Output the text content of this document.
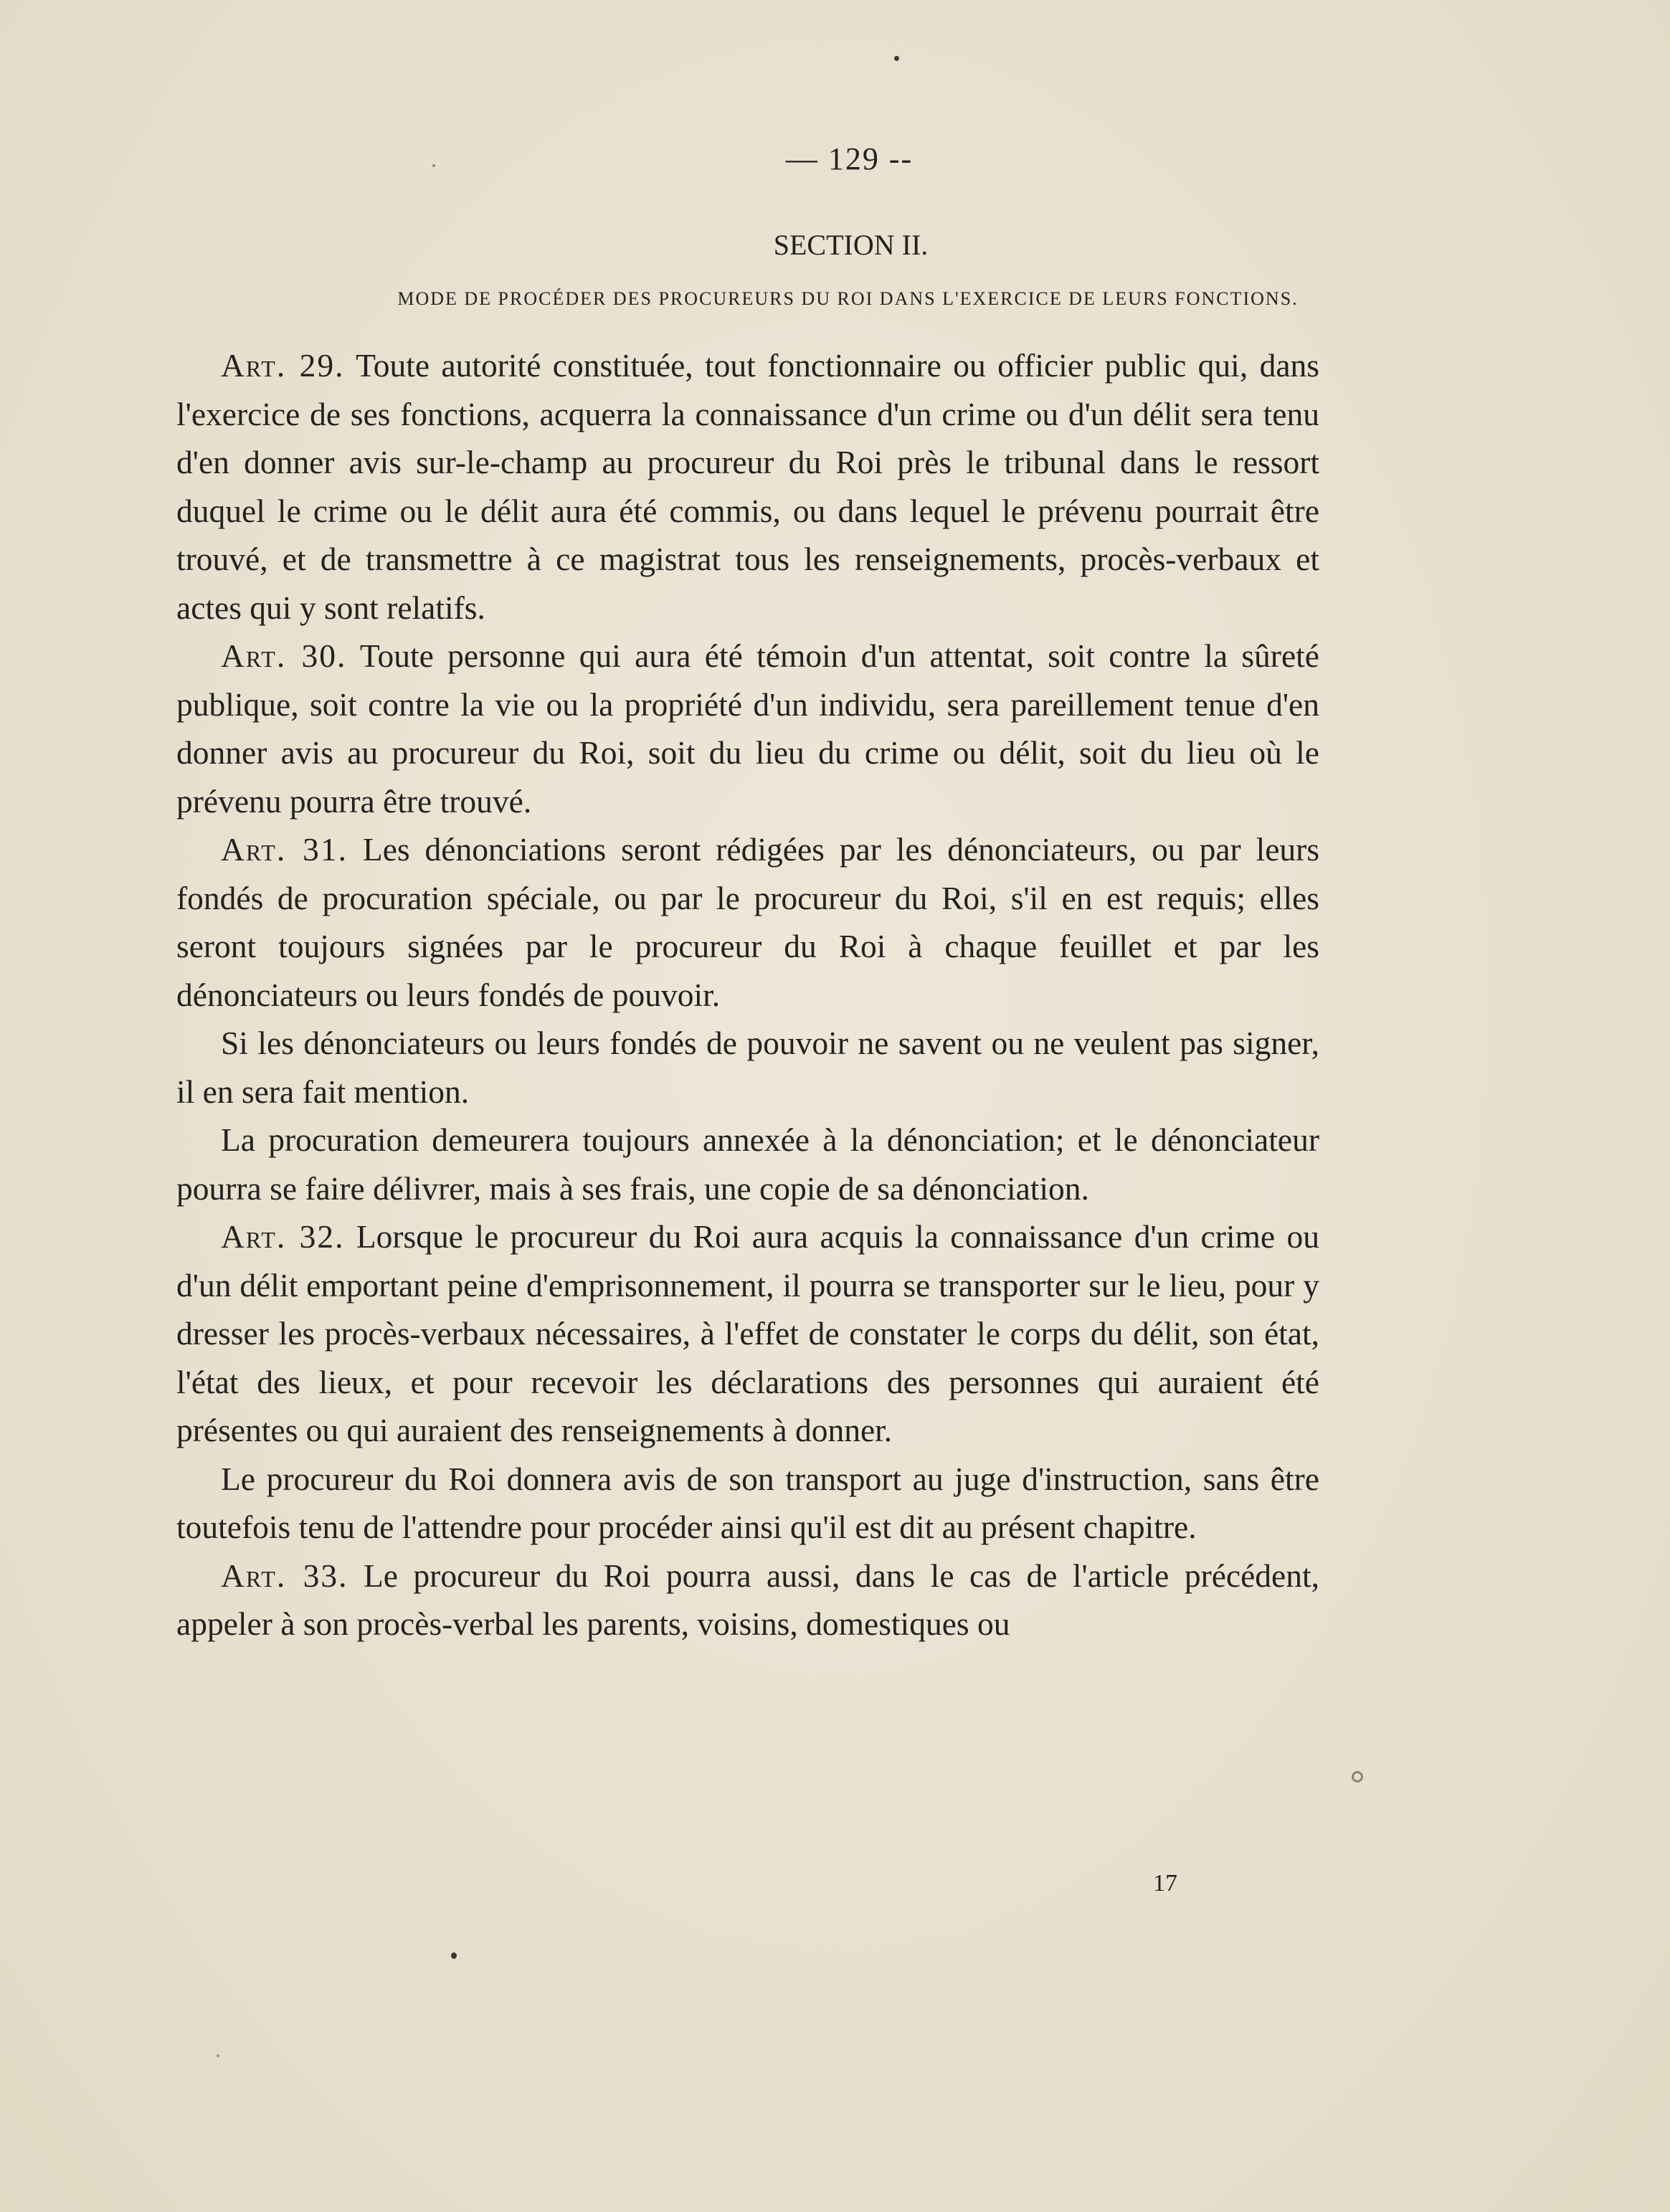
— 129 --
SECTION II.
MODE DE PROCÉDER DES PROCUREURS DU ROI DANS L'EXERCICE DE LEURS FONCTIONS.

Art. 29. Toute autorité constituée, tout fonctionnaire ou officier public qui, dans l'exercice de ses fonctions, acquerra la connaissance d'un crime ou d'un délit sera tenu d'en donner avis sur-le-champ au procureur du Roi près le tribunal dans le ressort duquel le crime ou le délit aura été commis, ou dans lequel le prévenu pourrait être trouvé, et de transmettre à ce magistrat tous les renseignements, procès-verbaux et actes qui y sont relatifs.

Art. 30. Toute personne qui aura été témoin d'un attentat, soit contre la sûreté publique, soit contre la vie ou la propriété d'un individu, sera pareillement tenue d'en donner avis au procureur du Roi, soit du lieu du crime ou délit, soit du lieu où le prévenu pourra être trouvé.

Art. 31. Les dénonciations seront rédigées par les dénonciateurs, ou par leurs fondés de procuration spéciale, ou par le procureur du Roi, s'il en est requis; elles seront toujours signées par le procureur du Roi à chaque feuillet et par les dénonciateurs ou leurs fondés de pouvoir.

Si les dénonciateurs ou leurs fondés de pouvoir ne savent ou ne veulent pas signer, il en sera fait mention.

La procuration demeurera toujours annexée à la dénonciation; et le dénonciateur pourra se faire délivrer, mais à ses frais, une copie de sa dénonciation.

Art. 32. Lorsque le procureur du Roi aura acquis la connaissance d'un crime ou d'un délit emportant peine d'emprisonnement, il pourra se transporter sur le lieu, pour y dresser les procès-verbaux nécessaires, à l'effet de constater le corps du délit, son état, l'état des lieux, et pour recevoir les déclarations des personnes qui auraient été présentes ou qui auraient des renseignements à donner.

Le procureur du Roi donnera avis de son transport au juge d'instruction, sans être toutefois tenu de l'attendre pour procéder ainsi qu'il est dit au présent chapitre.

Art. 33. Le procureur du Roi pourra aussi, dans le cas de l'article précédent, appeler à son procès-verbal les parents, voisins, domestiques ou

17
